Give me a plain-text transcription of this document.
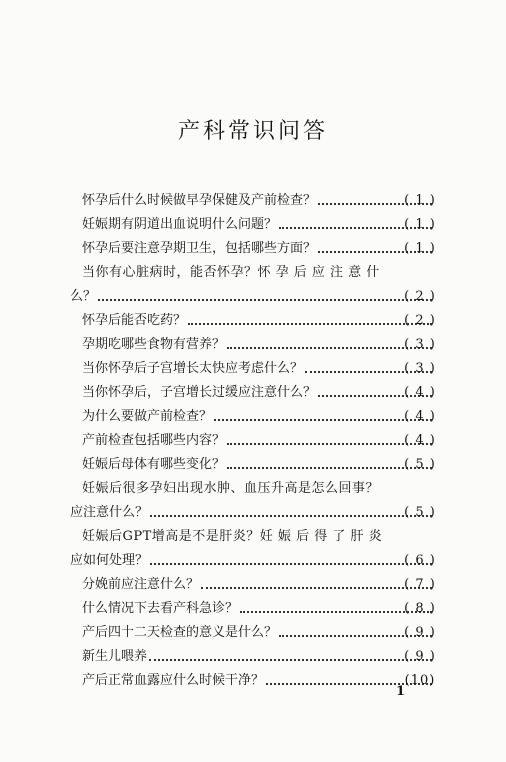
产科常识问答
怀孕后什么时候做早孕保健及产前检查？	( 1 )
妊娠期有阴道出血说明什么问题？	( 1 )
怀孕后要注意孕期卫生，包括哪些方面？	( 1 )
当你有心脏病时，能否怀孕？怀 孕 后 应 注 意 什
么？	( 2 )
怀孕后能否吃药？	( 2 )
孕期吃哪些食物有营养？	( 3 )
当你怀孕后子宫增长太快应考虑什么？	( 3 )
当你怀孕后，子宫增长过缓应注意什么？	( 4 )
为什么要做产前检查？	( 4 )
产前检查包括哪些内容？	( 4 )
妊娠后母体有哪些变化？	( 5 )
妊娠后很多孕妇出现水肿、血压升高是怎么回事？
应注意什么？	( 5 )
妊娠后GPT增高是不是肝炎？妊 娠 后 得 了 肝 炎
应如何处理？	( 6 )
分娩前应注意什么？	( 7 )
什么情况下去看产科急诊？	( 8 )
产后四十二天检查的意义是什么？	( 9 )
新生儿喂养	( 9 )
产后正常血露应什么时候干净？	(10)
1
